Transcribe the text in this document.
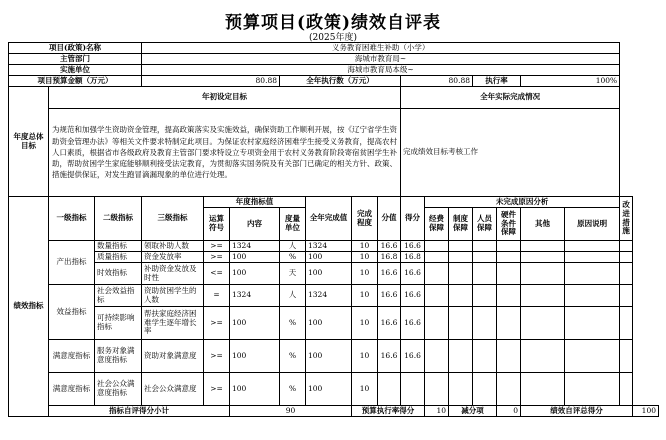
预算项目(政策)绩效自评表
(2025年度)
项目(政策)名称			义务教育困难生补助（小学）															
主管部门			海城市教育局~															
实施单位			海城市教育局本级~															
项目预算金额（万元）			80.88			全年执行数（万元）				80.88			执行率		100%			
年度总体目标	年初设定目标									全年实际完成情况								
	为规范和加强学生资助资金管理，提高政策落实及实施效益，确保资助工作顺利开展，按《辽宁省学生资助资金管理办法》等相关文件要求特制定此项目。为保证农村家庭经济困难学生接受义务教育，提高农村人口素质，根据省市各级政府及教育主管部门要求特设立专项资金用于农村义务教育阶段寄宿贫困学生补助，帮助贫困学生家庭能够顺利接受法定教育，为贯彻落实国务院及有关部门已确定的相关方针、政策、措施提供保证，对发生跑冒滴漏现象的单位进行处理。									完成绩效目标考核工作								
绩效指标	一级指标	二级指标	三级指标	年度指标值			全年完成值	完成程度	分值	得分	未完成原因分析						改进措施	
				运算符号	内容	度量单位					经费保障	制度保障	人员保障	硬件条件保障	其他	原因说明		

	产出指标	数量指标	领取补助人数	>=	1324	人	1324	10	16.6	16.6								
		质量指标	资金发放率	>=	100	%	100	10	16.8	16.8								
		时效指标	补助资金发放及时性	<=	100	天	100	10	16.6	16.6								
	效益指标	社会效益指标	资助贫困学生的人数	=	1324	人	1324	10	16.6	16.6								
		可持续影响指标	帮扶家庭经济困难学生逐年增长率	>=	100	%	100	10	16.6	16.6								
	满意度指标	服务对象满意度指标	资助对象满意度	>=	100	%	100	10	16.6	16.6								
	满意度指标	社会公众满意度指标	社会公众满意度	>=	100	%	100	10										
	指标自评得分小计				90			预算执行率得分			10	减分项		0	绩效自评总得分			100
